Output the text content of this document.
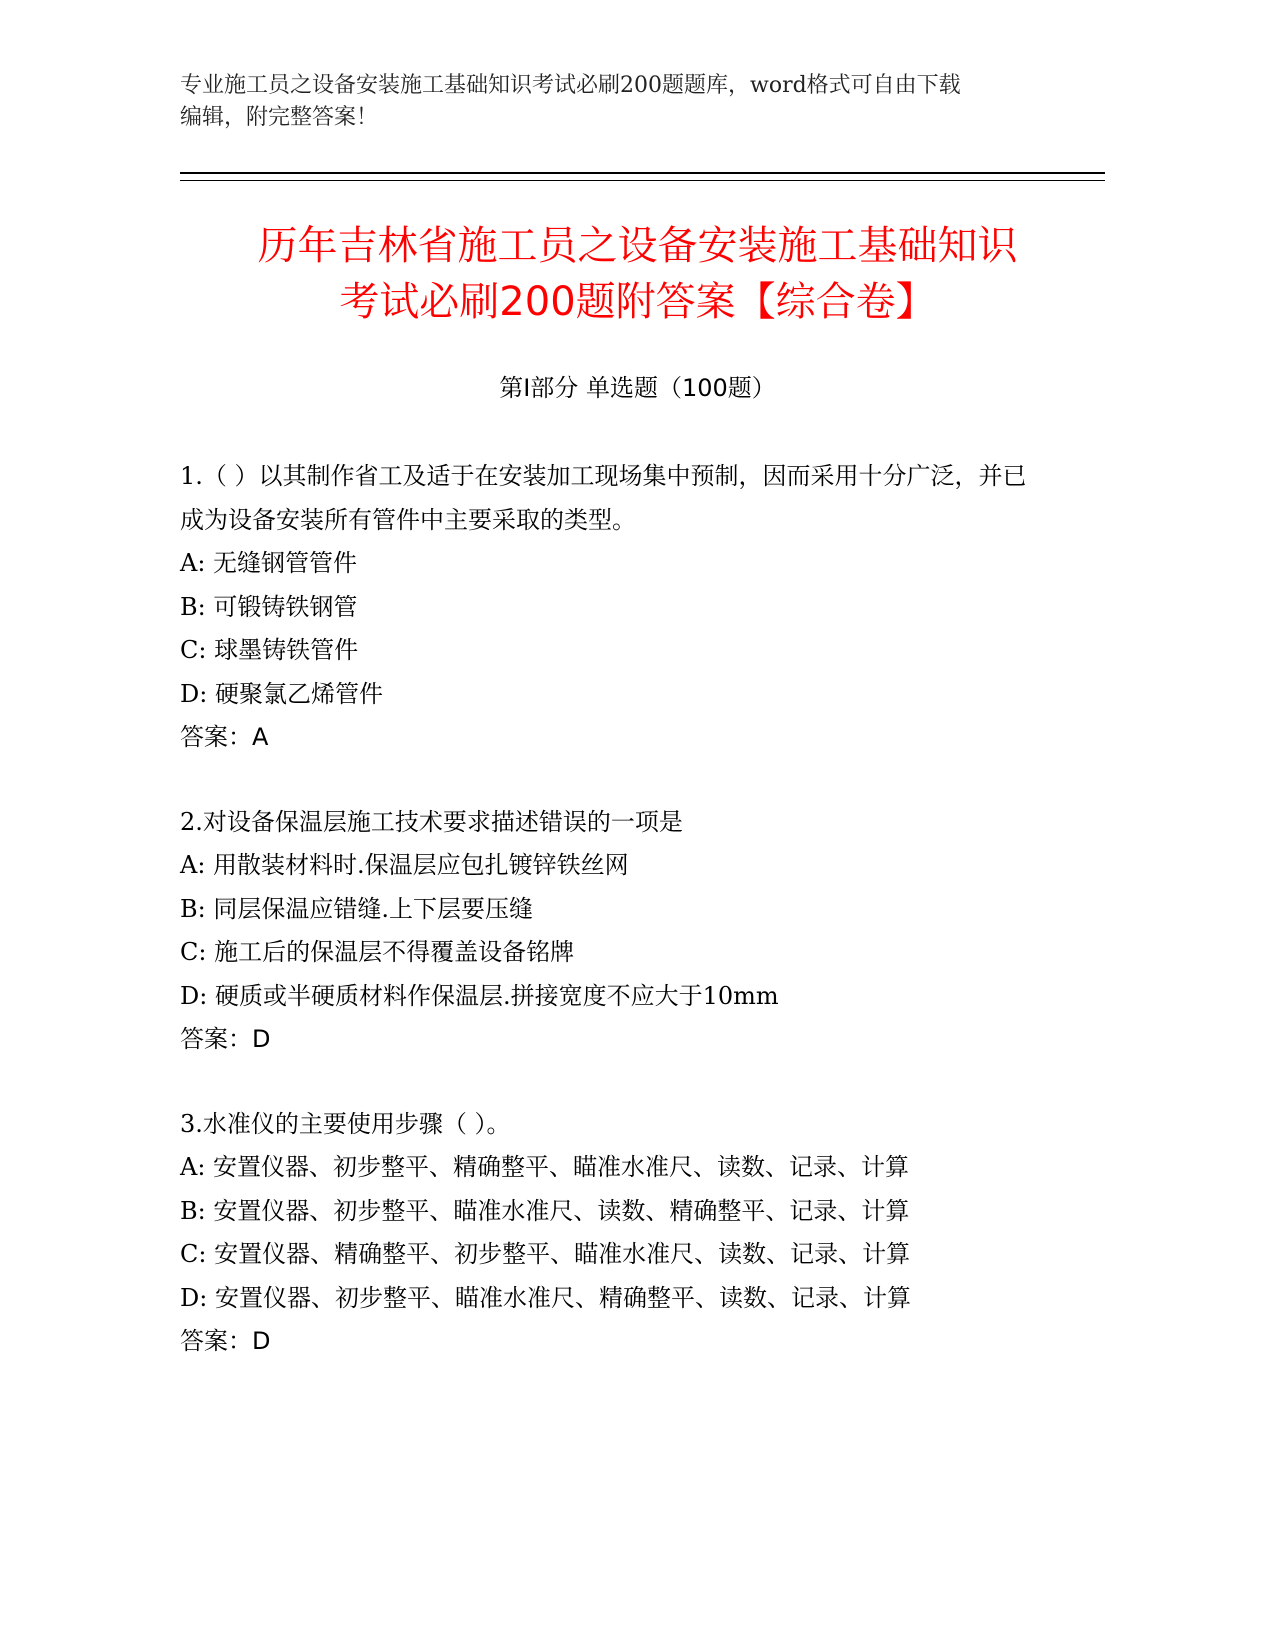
专业施工员之设备安装施工基础知识考试必刷200题题库，word格式可自由下载
编辑，附完整答案！
历年吉林省施工员之设备安装施工基础知识
考试必刷200题附答案【综合卷】
第I部分 单选题（100题）
1.（ ）以其制作省工及适于在安装加工现场集中预制，因而采用十分广泛，并已成为设备安装所有管件中主要采取的类型。
A: 无缝钢管管件
B: 可锻铸铁钢管
C: 球墨铸铁管件
D: 硬聚氯乙烯管件
答案：A
2.对设备保温层施工技术要求描述错误的一项是
A: 用散装材料时.保温层应包扎镀锌铁丝网
B: 同层保温应错缝.上下层要压缝
C: 施工后的保温层不得覆盖设备铭牌
D: 硬质或半硬质材料作保温层.拼接宽度不应大于10mm
答案：D
3.水准仪的主要使用步骤（ ）。
A: 安置仪器、初步整平、精确整平、瞄准水准尺、读数、记录、计算
B: 安置仪器、初步整平、瞄准水准尺、读数、精确整平、记录、计算
C: 安置仪器、精确整平、初步整平、瞄准水准尺、读数、记录、计算
D: 安置仪器、初步整平、瞄准水准尺、精确整平、读数、记录、计算
答案：D
